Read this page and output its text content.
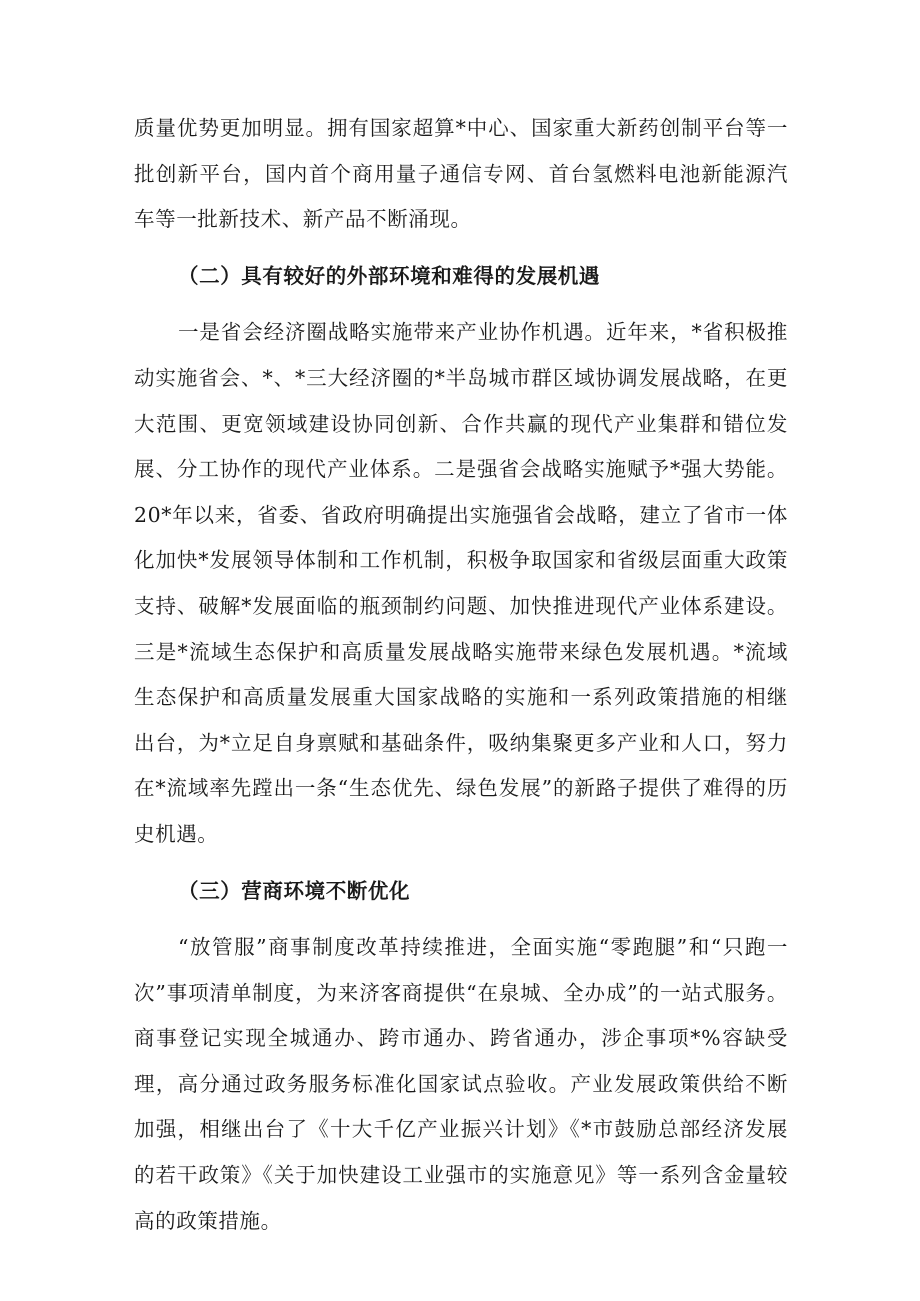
质量优势更加明显。拥有国家超算*中心、国家重大新药创制平台等一批创新平台，国内首个商用量子通信专网、首台氢燃料电池新能源汽车等一批新技术、新产品不断涌现。

（二）具有较好的外部环境和难得的发展机遇

一是省会经济圈战略实施带来产业协作机遇。近年来，*省积极推动实施省会、*、*三大经济圈的*半岛城市群区域协调发展战略，在更大范围、更宽领域建设协同创新、合作共赢的现代产业集群和错位发展、分工协作的现代产业体系。二是强省会战略实施赋予*强大势能。20*年以来，省委、省政府明确提出实施强省会战略，建立了省市一体化加快*发展领导体制和工作机制，积极争取国家和省级层面重大政策支持、破解*发展面临的瓶颈制约问题、加快推进现代产业体系建设。三是*流域生态保护和高质量发展战略实施带来绿色发展机遇。*流域生态保护和高质量发展重大国家战略的实施和一系列政策措施的相继出台，为*立足自身禀赋和基础条件，吸纳集聚更多产业和人口，努力在*流域率先蹚出一条“生态优先、绿色发展”的新路子提供了难得的历史机遇。

（三）营商环境不断优化

“放管服”商事制度改革持续推进，全面实施“零跑腿”和“只跑一次”事项清单制度，为来济客商提供“在泉城、全办成”的一站式服务。商事登记实现全城通办、跨市通办、跨省通办，涉企事项*%容缺受理，高分通过政务服务标准化国家试点验收。产业发展政策供给不断加强，相继出台了《十大千亿产业振兴计划》《*市鼓励总部经济发展的若干政策》《关于加快建设工业强市的实施意见》等一系列含金量较高的政策措施。
